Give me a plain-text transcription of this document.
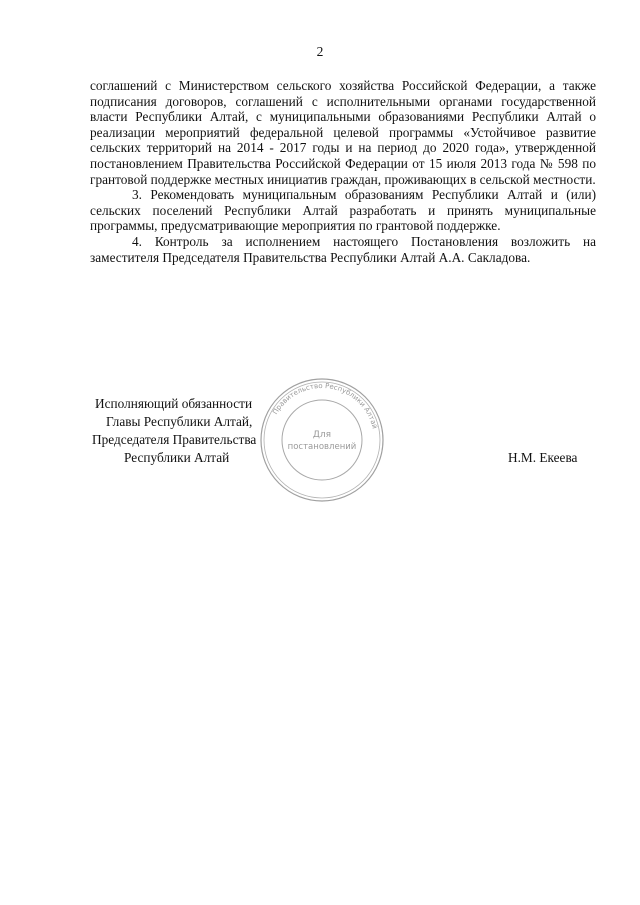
2

соглашений с Министерством сельского хозяйства Российской Федерации, а также подписания договоров, соглашений с исполнительными органами государственной власти Республики Алтай, с муниципальными образованиями Республики Алтай о реализации мероприятий федеральной целевой программы «Устойчивое развитие сельских территорий на 2014 - 2017 годы и на период до 2020 года», утвержденной постановлением Правительства Российской Федерации от 15 июля 2013 года № 598 по грантовой поддержке местных инициатив граждан, проживающих в сельской местности.

3. Рекомендовать муниципальным образованиям Республики Алтай и (или) сельских поселений Республики Алтай разработать и принять муниципальные программы, предусматривающие мероприятия по грантовой поддержке.

4. Контроль за исполнением настоящего Постановления возложить на заместителя Председателя Правительства Республики Алтай А.А. Сакладова.

Исполняющий обязанности
Главы Республики Алтай,
Председателя Правительства
Республики Алтай	Н.М. Екеева
Правительство Республики Алтай
Для
постановлений
